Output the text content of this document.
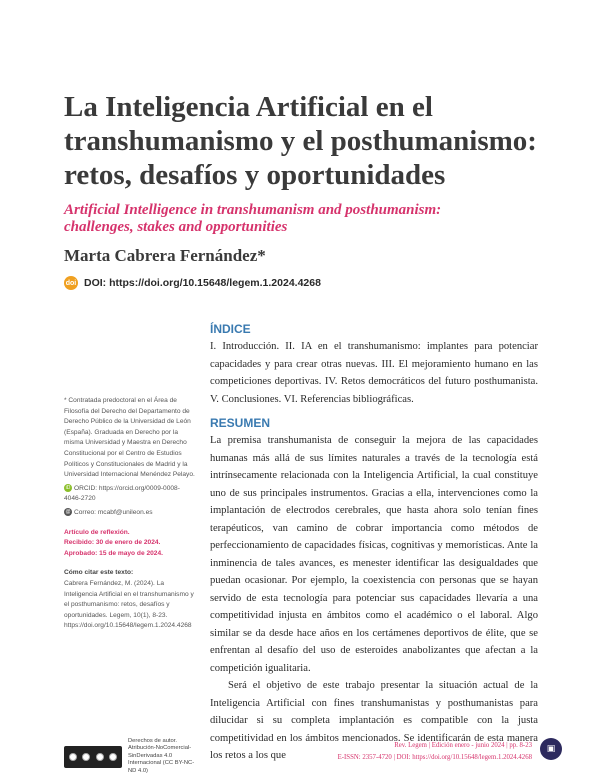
La Inteligencia Artificial en el transhumanismo y el posthumanismo: retos, desafíos y oportunidades
Artificial Intelligence in transhumanism and posthumanism: challenges, stakes and opportunities

Marta Cabrera Fernández*

doi DOI: https://doi.org/10.15648/legem.1.2024.4268
ÍNDICE

I. Introducción. II. IA en el transhumanismo: implantes para potenciar capacidades y para crear otras nuevas. III. El mejoramiento humano en las competiciones deportivas. IV. Retos democráticos del futuro posthumanista. V. Conclusiones. VI. Referencias bibliográficas.

RESUMEN

La premisa transhumanista de conseguir la mejora de las capacidades humanas más allá de sus límites naturales a través de la tecnología está intrínsecamente relacionada con la Inteligencia Artificial, la cual constituye uno de sus principales instrumentos. Gracias a ella, intervenciones como la implantación de electrodos cerebrales, que hasta ahora solo tenían fines terapéuticos, van camino de cobrar importancia como métodos de perfeccionamiento de capacidades físicas, cognitivas y memorísticas. Ante la inminencia de tales avances, es menester identificar las desigualdades que puedan ocasionar. Por ejemplo, la coexistencia con personas que se hayan servido de esta tecnología para potenciar sus capacidades llevaría a una competitividad injusta en ámbitos como el académico o el laboral. Algo similar se da desde hace años en los certámenes deportivos de élite, que se enfrentan al desafío del uso de esteroides anabolizantes que afectan a la competición igualitaria.

Será el objetivo de este trabajo presentar la situación actual de la Inteligencia Artificial con fines transhumanistas y posthumanistas para dilucidar si su completa implantación es compatible con la justa competitividad en los ámbitos mencionados. Se identificarán de esta manera los retos a los que

* Contratada predoctoral en el Área de Filosofía del Derecho del Departamento de Derecho Público de la Universidad de León (España). Graduada en Derecho por la misma Universidad y Maestra en Derecho Constitucional por el Centro de Estudios Políticos y Constitucionales de Madrid y la Universidad Internacional Menéndez Pelayo.

iD ORCID: https://orcid.org/0009-0008-4046-2720

@ Correo: mcabf@unileon.es

Artículo de reflexión.

Recibido: 30 de enero de 2024.

Aprobado: 15 de mayo de 2024.

Cómo citar este texto:

Cabrera Fernández, M. (2024). La Inteligencia Artificial en el transhumanismo y el posthumanismo: retos, desafíos y oportunidades. Legem, 10(1), 8-23. https://doi.org/10.15648/legem.1.2024.4268

Derechos de autor. Atribución-NoComercial-SinDerivadas 4.0 Internacional (CC BY-NC-ND 4.0)
Rev. Legem | Edición enero - junio 2024 | pp. 8-23
E-ISSN: 2357-4720 | DOI: https://doi.org/10.15648/legem.1.2024.4268
▣
